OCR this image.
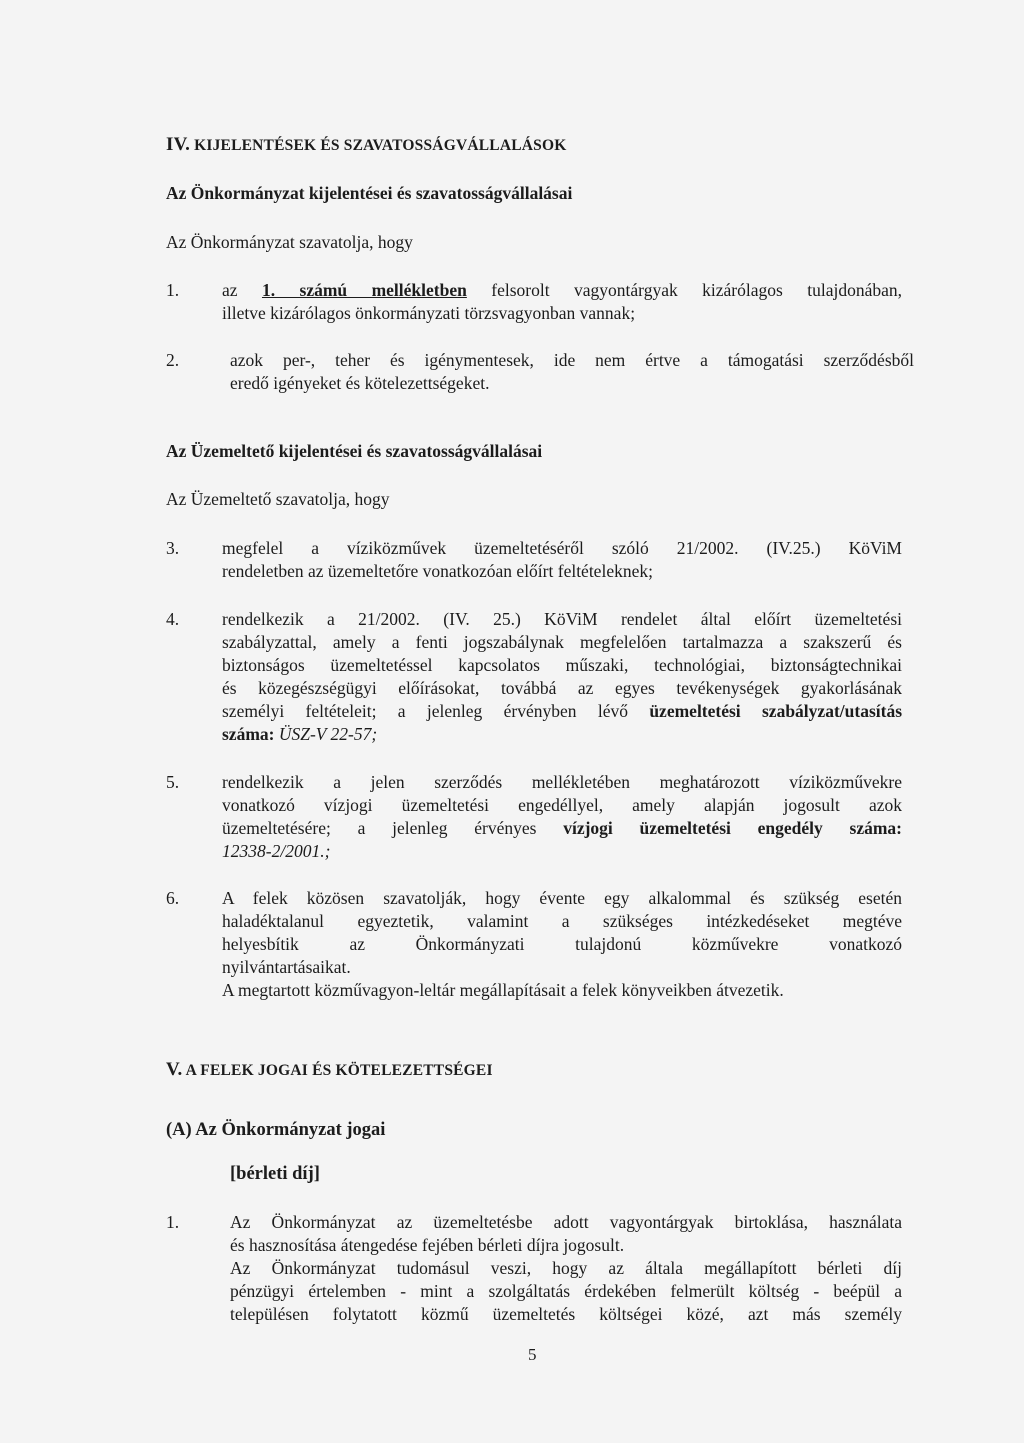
IV. KIJELENTÉSEK ÉS SZAVATOSSÁGVÁLLALÁSOK
Az Önkormányzat kijelentései és szavatosságvállalásai
Az Önkormányzat szavatolja, hogy
1. az 1. számú mellékletben felsorolt vagyontárgyak kizárólagos tulajdonában,
illetve kizárólagos önkormányzati törzsvagyonban vannak;
2.	azok per-, teher és igénymentesek, ide nem értve a támogatási szerződésből
eredő igényeket és kötelezettségeket.
Az Üzemeltető kijelentései és szavatosságvállalásai
Az Üzemeltető szavatolja, hogy
3. megfelel a víziközművek üzemeltetéséről szóló 21/2002. (IV.25.) KöViM
rendeletben az üzemeltetőre vonatkozóan előírt feltételeknek;
4. rendelkezik a 21/2002. (IV. 25.) KöViM rendelet által előírt üzemeltetési
szabályzattal, amely a fenti jogszabálynak megfelelően tartalmazza a szakszerű és
biztonságos üzemeltetéssel kapcsolatos műszaki, technológiai, biztonságtechnikai
és közegészségügyi előírásokat, továbbá az egyes tevékenységek gyakorlásának
személyi feltételeit; a jelenleg érvényben lévő üzemeltetési szabályzat/utasítás
száma: ÜSZ-V 22-57;
5. rendelkezik a jelen szerződés mellékletében meghatározott víziközművekre
vonatkozó vízjogi üzemeltetési engedéllyel, amely alapján jogosult azok
üzemeltetésére; a jelenleg érvényes vízjogi üzemeltetési engedély száma:
12338-2/2001.;
6. A felek közösen szavatolják, hogy évente egy alkalommal és szükség esetén
haladéktalanul egyeztetik, valamint a szükséges intézkedéseket megtéve
helyesbítik az Önkormányzati tulajdonú közművekre vonatkozó
nyilvántartásaikat.
A megtartott közművagyon-leltár megállapításait a felek könyveikben átvezetik.
V. A FELEK JOGAI ÉS KÖTELEZETTSÉGEI
(A) Az Önkormányzat jogai
[bérleti díj]
1.	Az Önkormányzat az üzemeltetésbe adott vagyontárgyak birtoklása, használata
és hasznosítása átengedése fejében bérleti díjra jogosult.
Az Önkormányzat tudomásul veszi, hogy az általa megállapított bérleti díj
pénzügyi értelemben - mint a szolgáltatás érdekében felmerült költség - beépül a
településen folytatott közmű üzemeltetés költségei közé, azt más személy
5
